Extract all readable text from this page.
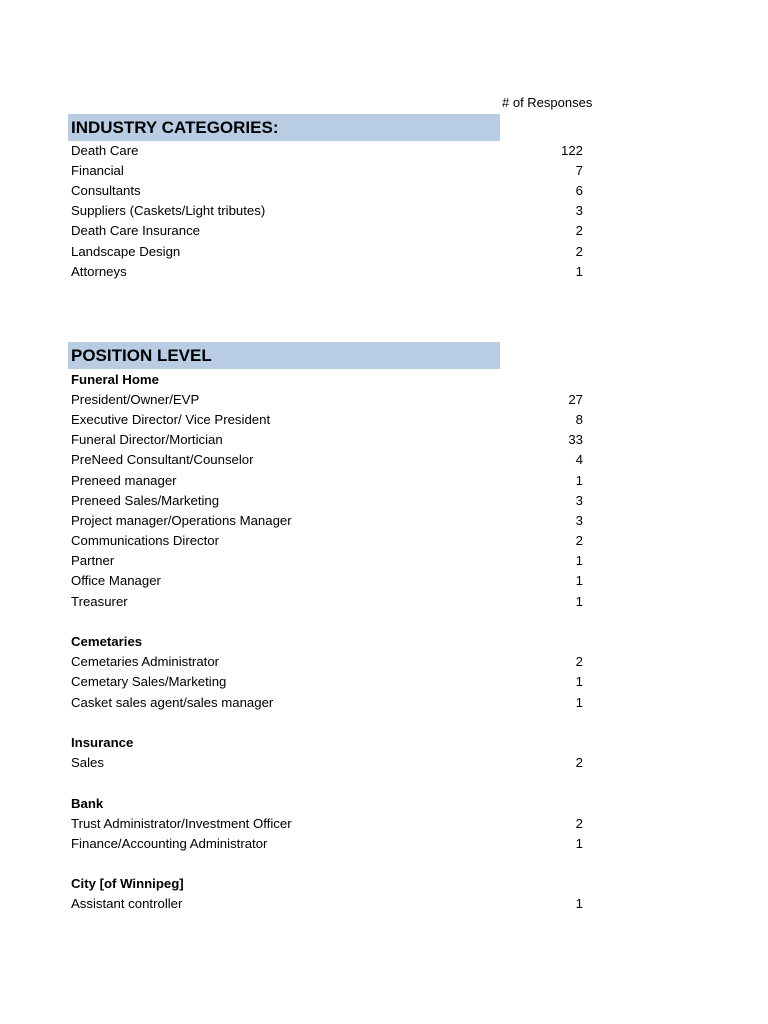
# of Responses
INDUSTRY CATEGORIES:
Death Care	122
Financial	7
Consultants	6
Suppliers (Caskets/Light tributes)	3
Death Care Insurance	2
Landscape Design	2
Attorneys	1
POSITION LEVEL
Funeral Home
President/Owner/EVP	27
Executive Director/ Vice President	8
Funeral Director/Mortician	33
PreNeed Consultant/Counselor	4
Preneed manager	1
Preneed Sales/Marketing	3
Project manager/Operations Manager	3
Communications Director	2
Partner	1
Office Manager	1
Treasurer	1
Cemetaries
Cemetaries Administrator	2
Cemetary Sales/Marketing	1
Casket sales agent/sales manager	1
Insurance
Sales	2
Bank
Trust Administrator/Investment Officer	2
Finance/Accounting Administrator	1
City [of Winnipeg]
Assistant controller	1
